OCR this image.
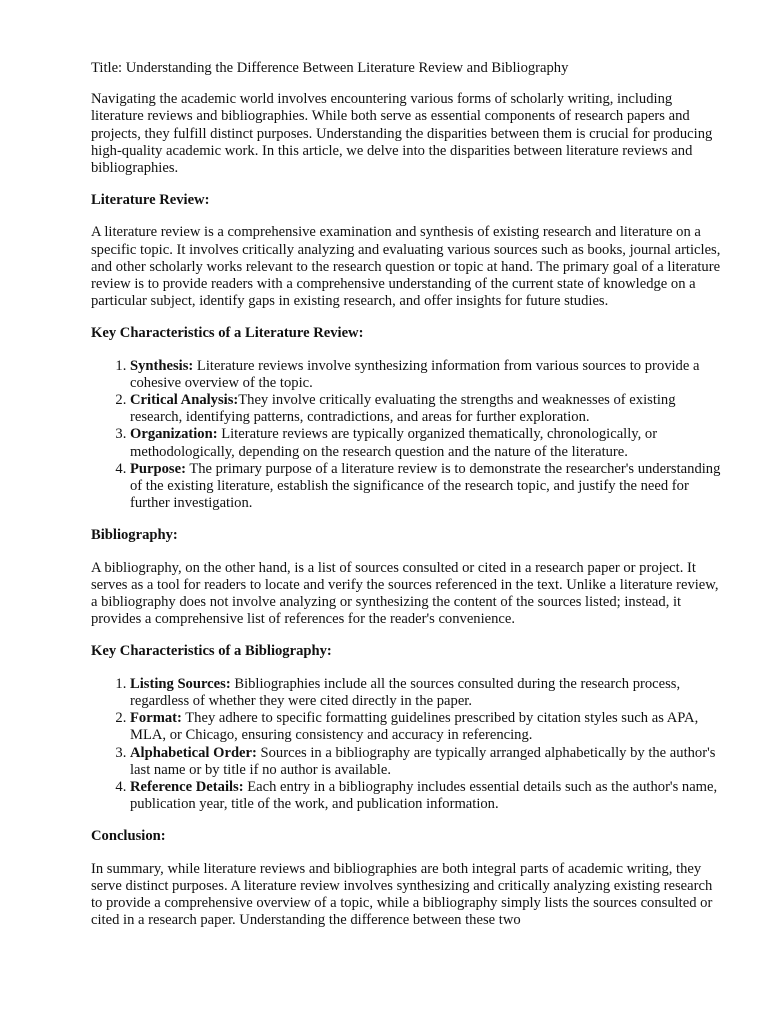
Title: Understanding the Difference Between Literature Review and Bibliography

Navigating the academic world involves encountering various forms of scholarly writing, including literature reviews and bibliographies. While both serve as essential components of research papers and projects, they fulfill distinct purposes. Understanding the disparities between them is crucial for producing high-quality academic work. In this article, we delve into the disparities between literature reviews and bibliographies.

Literature Review:

A literature review is a comprehensive examination and synthesis of existing research and literature on a specific topic. It involves critically analyzing and evaluating various sources such as books, journal articles, and other scholarly works relevant to the research question or topic at hand. The primary goal of a literature review is to provide readers with a comprehensive understanding of the current state of knowledge on a particular subject, identify gaps in existing research, and offer insights for future studies.

Key Characteristics of a Literature Review:
1. Synthesis: Literature reviews involve synthesizing information from various sources to provide a cohesive overview of the topic.
2. Critical Analysis:They involve critically evaluating the strengths and weaknesses of existing research, identifying patterns, contradictions, and areas for further exploration.
3. Organization: Literature reviews are typically organized thematically, chronologically, or methodologically, depending on the research question and the nature of the literature.
4. Purpose: The primary purpose of a literature review is to demonstrate the researcher's understanding of the existing literature, establish the significance of the research topic, and justify the need for further investigation.
Bibliography:

A bibliography, on the other hand, is a list of sources consulted or cited in a research paper or project. It serves as a tool for readers to locate and verify the sources referenced in the text. Unlike a literature review, a bibliography does not involve analyzing or synthesizing the content of the sources listed; instead, it provides a comprehensive list of references for the reader's convenience.

Key Characteristics of a Bibliography:
1. Listing Sources: Bibliographies include all the sources consulted during the research process, regardless of whether they were cited directly in the paper.
2. Format: They adhere to specific formatting guidelines prescribed by citation styles such as APA, MLA, or Chicago, ensuring consistency and accuracy in referencing.
3. Alphabetical Order: Sources in a bibliography are typically arranged alphabetically by the author's last name or by title if no author is available.
4. Reference Details: Each entry in a bibliography includes essential details such as the author's name, publication year, title of the work, and publication information.
Conclusion:

In summary, while literature reviews and bibliographies are both integral parts of academic writing, they serve distinct purposes. A literature review involves synthesizing and critically analyzing existing research to provide a comprehensive overview of a topic, while a bibliography simply lists the sources consulted or cited in a research paper. Understanding the difference between these two
